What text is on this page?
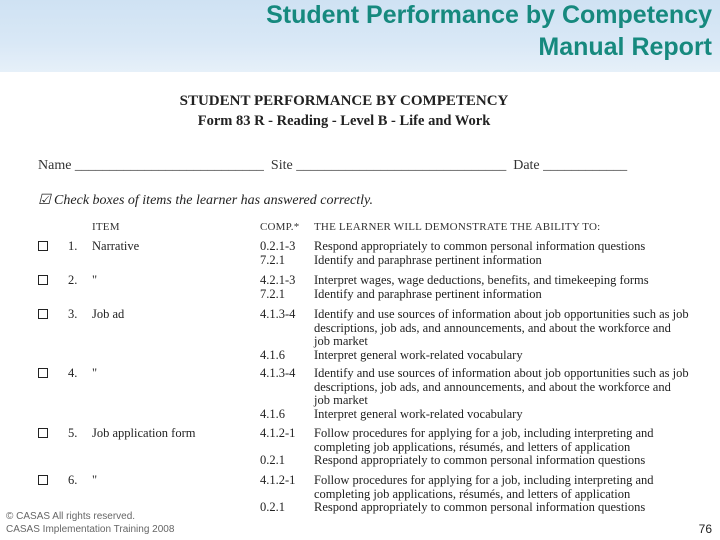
Student Performance by Competency
Manual Report
STUDENT PERFORMANCE BY COMPETENCY
Form 83 R - Reading - Level B - Life and Work
Name ___________________________  Site ______________________________  Date ____________
☑ Check boxes of items the learner has answered correctly.
ITEM	COMP.* THE LEARNER WILL DEMONSTRATE THE ABILITY TO:
1. Narrative	0.2.1-3	Respond appropriately to common personal information questions
7.2.1	Identify and paraphrase pertinent information
2. "	4.2.1-3	Interpret wages, wage deductions, benefits, and timekeeping forms
7.2.1	Identify and paraphrase pertinent information
3. Job ad	4.1.3-4	Identify and use sources of information about job opportunities such as job descriptions, job ads, and announcements, and about the workforce and job market
4.1.6	Interpret general work-related vocabulary
4. "	4.1.3-4	Identify and use sources of information about job opportunities such as job descriptions, job ads, and announcements, and about the workforce and job market
4.1.6	Interpret general work-related vocabulary
5. Job application form	4.1.2-1	Follow procedures for applying for a job, including interpreting and completing job applications, résumés, and letters of application
0.2.1	Respond appropriately to common personal information questions
6. "	4.1.2-1	Follow procedures for applying for a job, including interpreting and completing job applications, résumés, and letters of application
0.2.1	Respond appropriately to common personal information questions
© CASAS All rights reserved.
CASAS Implementation Training 2008	76
